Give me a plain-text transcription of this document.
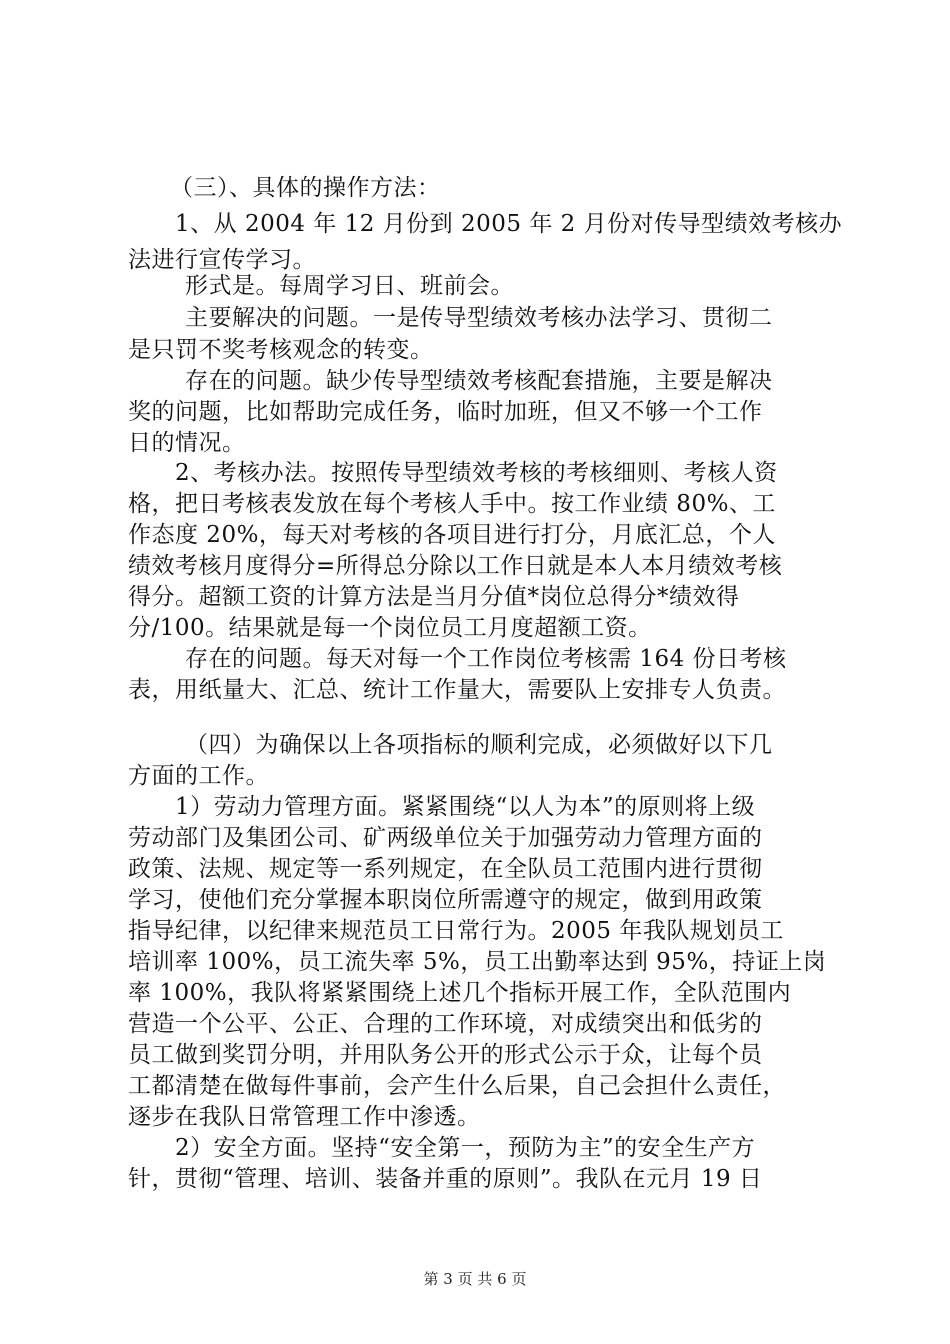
（三）、具体的操作方法：
1、从 2004 年 12 月份到 2005 年 2 月份对传导型绩效考核办
法进行宣传学习。
形式是。每周学习日、班前会。
主要解决的问题。一是传导型绩效考核办法学习、贯彻二
是只罚不奖考核观念的转变。
存在的问题。缺少传导型绩效考核配套措施，主要是解决
奖的问题，比如帮助完成任务，临时加班，但又不够一个工作
日的情况。
2、考核办法。按照传导型绩效考核的考核细则、考核人资
格，把日考核表发放在每个考核人手中。按工作业绩 80%、工
作态度 20%，每天对考核的各项目进行打分，月底汇总，个人
绩效考核月度得分=所得总分除以工作日就是本人本月绩效考核
得分。超额工资的计算方法是当月分值*岗位总得分*绩效得
分/100。结果就是每一个岗位员工月度超额工资。
存在的问题。每天对每一个工作岗位考核需 164 份日考核
表，用纸量大、汇总、统计工作量大，需要队上安排专人负责。
（四）为确保以上各项指标的顺利完成，必须做好以下几
方面的工作。
1）劳动力管理方面。紧紧围绕“以人为本”的原则将上级
劳动部门及集团公司、矿两级单位关于加强劳动力管理方面的
政策、法规、规定等一系列规定，在全队员工范围内进行贯彻
学习，使他们充分掌握本职岗位所需遵守的规定，做到用政策
指导纪律，以纪律来规范员工日常行为。2005 年我队规划员工
培训率 100%，员工流失率 5%，员工出勤率达到 95%，持证上岗
率 100%，我队将紧紧围绕上述几个指标开展工作，全队范围内
营造一个公平、公正、合理的工作环境，对成绩突出和低劣的
员工做到奖罚分明，并用队务公开的形式公示于众，让每个员
工都清楚在做每件事前，会产生什么后果，自己会担什么责任，
逐步在我队日常管理工作中渗透。
2）安全方面。坚持“安全第一，预防为主”的安全生产方
针，贯彻“管理、培训、装备并重的原则”。我队在元月 19 日
第 3 页 共 6 页
